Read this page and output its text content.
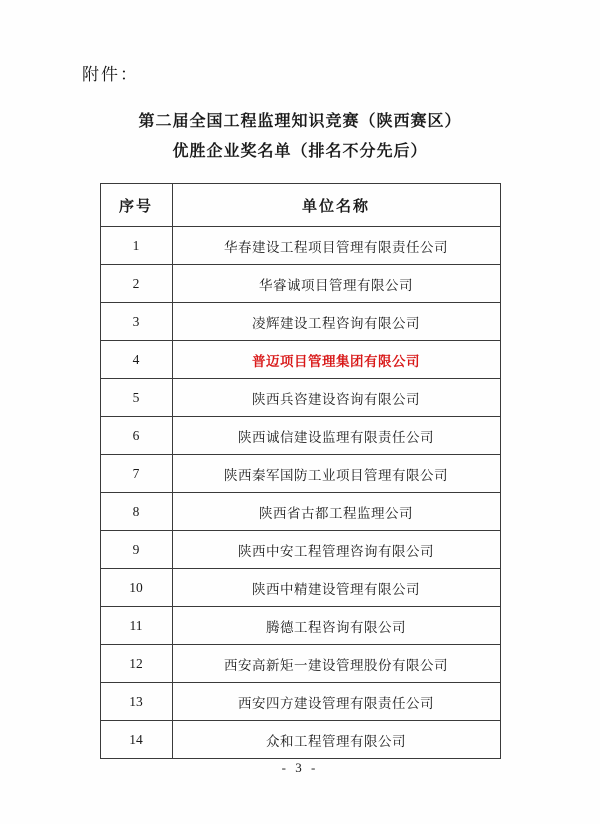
附件：
第二届全国工程监理知识竞赛（陕西赛区）
优胜企业奖名单（排名不分先后）
序号	单位名称
1	华春建设工程项目管理有限责任公司
2	华睿诚项目管理有限公司
3	凌辉建设工程咨询有限公司
4	普迈项目管理集团有限公司
5	陕西兵咨建设咨询有限公司
6	陕西诚信建设监理有限责任公司
7	陕西秦军国防工业项目管理有限公司
8	陕西省古都工程监理公司
9	陕西中安工程管理咨询有限公司
10	陕西中精建设管理有限公司
11	腾德工程咨询有限公司
12	西安高新矩一建设管理股份有限公司
13	西安四方建设管理有限责任公司
14	众和工程管理有限公司
- 3 -
